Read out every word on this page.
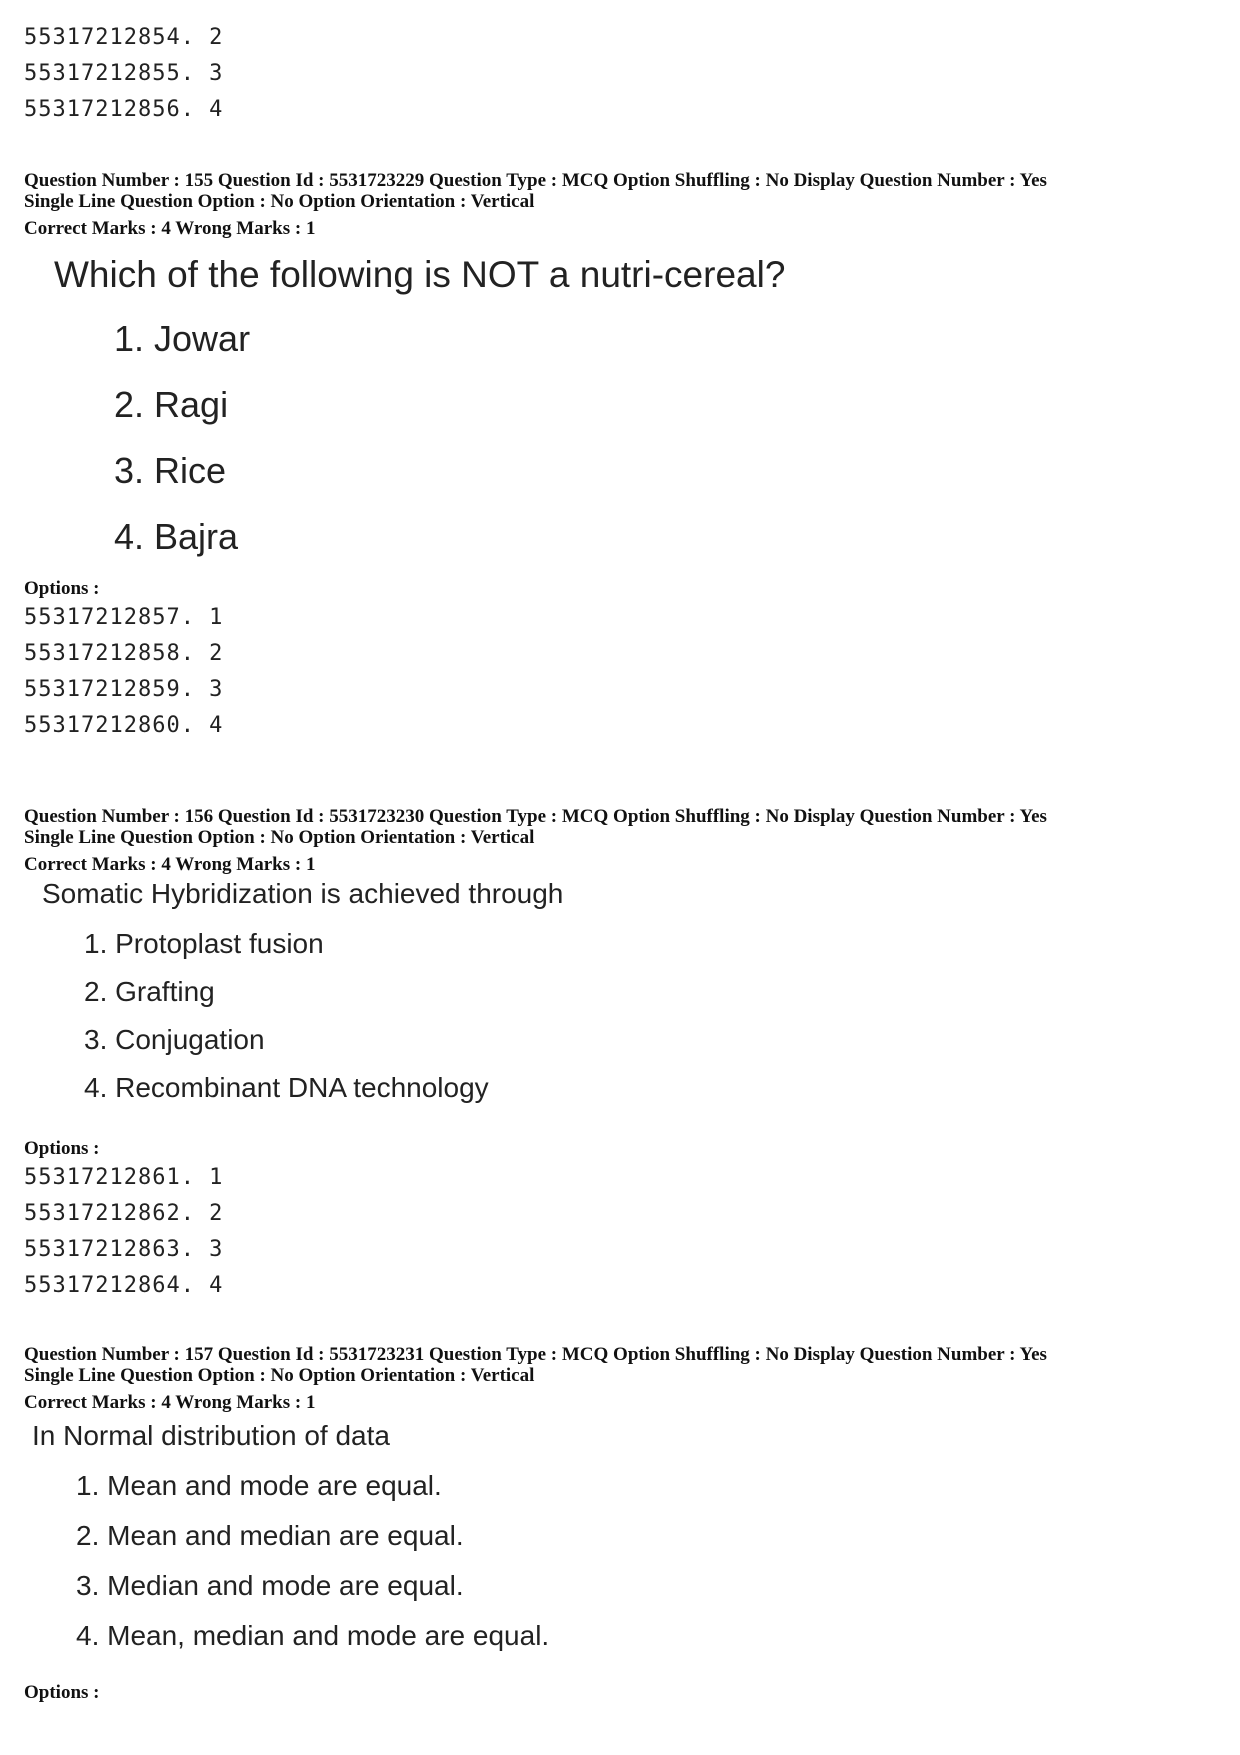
55317212854. 2
55317212855. 3
55317212856. 4
Question Number : 155 Question Id : 5531723229 Question Type : MCQ Option Shuffling : No Display Question Number : Yes
Single Line Question Option : No Option Orientation : Vertical
Correct Marks : 4 Wrong Marks : 1
Which of the following is NOT a nutri-cereal?
1. Jowar
2. Ragi
3. Rice
4. Bajra
Options :
55317212857. 1
55317212858. 2
55317212859. 3
55317212860. 4
Question Number : 156 Question Id : 5531723230 Question Type : MCQ Option Shuffling : No Display Question Number : Yes
Single Line Question Option : No Option Orientation : Vertical
Correct Marks : 4 Wrong Marks : 1
Somatic Hybridization is achieved through
1. Protoplast fusion
2. Grafting
3. Conjugation
4. Recombinant DNA technology
Options :
55317212861. 1
55317212862. 2
55317212863. 3
55317212864. 4
Question Number : 157 Question Id : 5531723231 Question Type : MCQ Option Shuffling : No Display Question Number : Yes
Single Line Question Option : No Option Orientation : Vertical
Correct Marks : 4 Wrong Marks : 1
In Normal distribution of data
1. Mean and mode are equal.
2. Mean and median are equal.
3. Median and mode are equal.
4. Mean, median and mode are equal.
Options :
